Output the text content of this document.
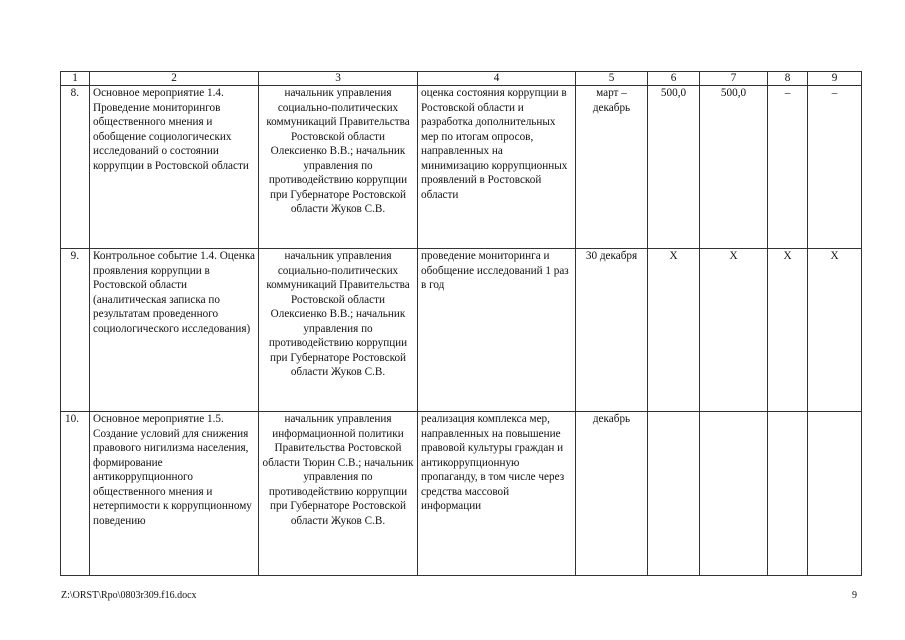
1	2	3	4	5	6	7	8	9
8.	Основное мероприятие 1.4. Проведение мониторингов общественного мнения и обобщение социологических исследований о состоянии коррупции в Ростовской области	начальник управления социально-политических коммуникаций Правительства Ростовской области Олексиенко В.В.; начальник управления по противодействию коррупции при Губернаторе Ростовской области Жуков С.В.	оценка состояния коррупции в Ростовской области и разработка дополнительных мер по итогам опросов, направленных на минимизацию коррупционных проявлений в Ростовской области	март – декабрь	500,0	500,0	–	–
9.	Контрольное событие 1.4. Оценка проявления коррупции в Ростовской области (аналитическая записка по результатам проведенного социологического исследования)	начальник управления социально-политических коммуникаций Правительства Ростовской области Олексиенко В.В.; начальник управления по противодействию коррупции при Губернаторе Ростовской области Жуков С.В.	проведение мониторинга и обобщение исследований 1 раз в год	30 декабря	Х	Х	Х	Х
10.	Основное мероприятие 1.5. Создание условий для снижения правового нигилизма населения, формирование антикоррупционного общественного мнения и нетерпимости к коррупционному поведению	начальник управления информационной политики Правительства Ростовской области Тюрин С.В.; начальник управления по противодействию коррупции при Губернаторе Ростовской области Жуков С.В.	реализация комплекса мер, направленных на повышение правовой культуры граждан и антикоррупционную пропаганду, в том числе через средства массовой информации	декабрь				
Z:\ORST\Rpo\0803r309.f16.docx	9
